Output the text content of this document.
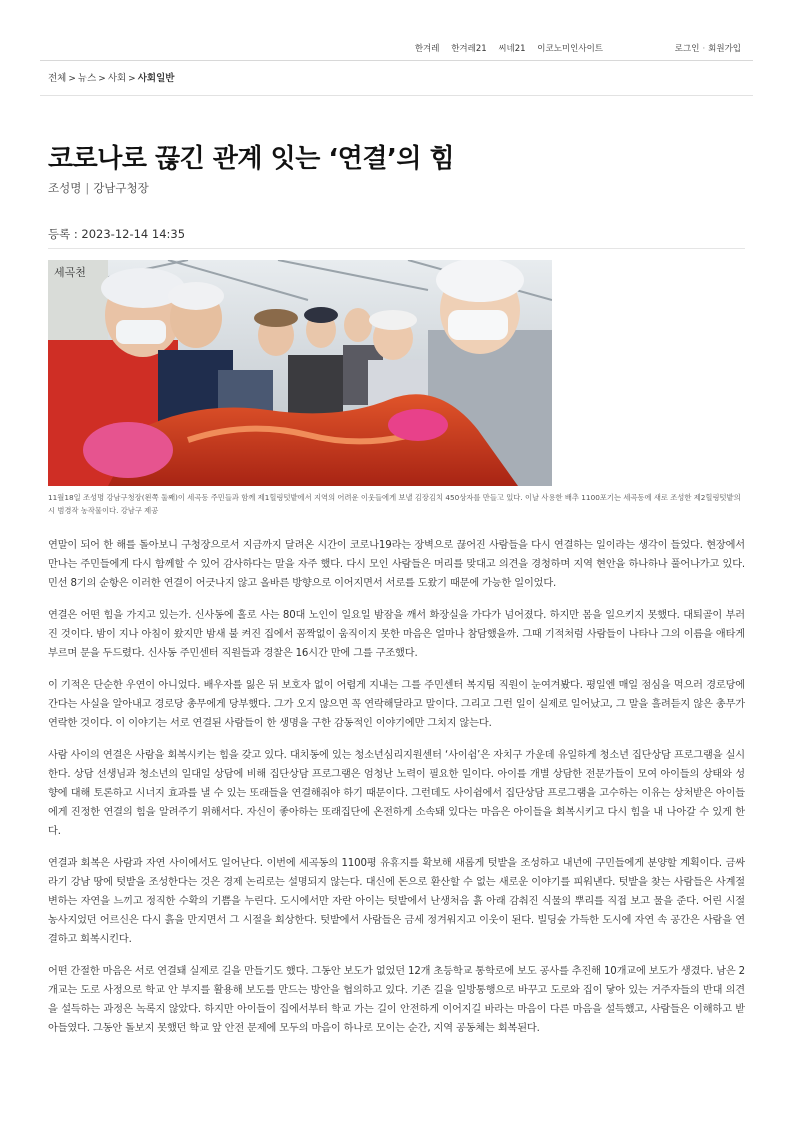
한겨레 한겨레21 씨네21 이코노미인사이트	로그인 · 회원가입
전체 > 뉴스 > 사회 > 사회일반
코로나로 끊긴 관계 잇는 ‘연결’의 힘
조성명 | 강남구청장
등록 : 2023-12-14 14:35
세곡천
11월18일 조성명 강남구청장(왼쪽 둘째)이 세곡동 주민들과 함께 제1힐링텃밭에서 지역의 어려운 이웃들에게 보낼 김장김치 450상자를 만들고 있다. 이날 사용한 배추 1100포기는 세곡동에 새로 조성한 제2힐링텃밭의 시 범경작 농작물이다. 강남구 제공

연말이 되어 한 해를 돌아보니 구청장으로서 지금까지 달려온 시간이 코로나19라는 장벽으로 끊어진 사람들을 다시 연결하는 일이라는 생각이 들었다. 현장에서 만나는 주민들에게 다시 함께할 수 있어 감사하다는 말을 자주 했다. 다시 모인 사람들은 머리를 맞대고 의견을 경청하며 지역 현안을 하나하나 풀어나가고 있다. 민선 8기의 순항은 이러한 연결이 어긋나지 않고 올바른 방향으로 이어지면서 서로를 도왔기 때문에 가능한 일이었다.

연결은 어떤 힘을 가지고 있는가. 신사동에 홀로 사는 80대 노인이 일요일 밤잠을 깨서 화장실을 가다가 넘어졌다. 하지만 몸을 일으키지 못했다. 대퇴골이 부러진 것이다. 밤이 지나 아침이 왔지만 밤새 불 켜진 집에서 꼼짝없이 움직이지 못한 마음은 얼마나 참담했을까. 그때 기적처럼 사람들이 나타나 그의 이름을 애타게 부르며 문을 두드렸다. 신사동 주민센터 직원들과 경찰은 16시간 만에 그를 구조했다.

이 기적은 단순한 우연이 아니었다. 배우자를 잃은 뒤 보호자 없이 어렵게 지내는 그를 주민센터 복지팀 직원이 눈여겨봤다. 평일엔 매일 점심을 먹으러 경로당에 간다는 사실을 알아내고 경로당 총무에게 당부했다. 그가 오지 않으면 꼭 연락해달라고 말이다. 그리고 그런 일이 실제로 일어났고, 그 말을 흘려듣지 않은 총무가 연락한 것이다. 이 이야기는 서로 연결된 사람들이 한 생명을 구한 감동적인 이야기에만 그치지 않는다.

사람 사이의 연결은 사람을 회복시키는 힘을 갖고 있다. 대치동에 있는 청소년심리지원센터 ‘사이쉼’은 자치구 가운데 유일하게 청소년 집단상담 프로그램을 실시한다. 상담 선생님과 청소년의 일대일 상담에 비해 집단상담 프로그램은 엄청난 노력이 필요한 일이다. 아이를 개별 상담한 전문가들이 모여 아이들의 상태와 성향에 대해 토론하고 시너지 효과를 낼 수 있는 또래들을 연결해줘야 하기 때문이다. 그런데도 사이쉼에서 집단상담 프로그램을 고수하는 이유는 상처받은 아이들에게 진정한 연결의 힘을 알려주기 위해서다. 자신이 좋아하는 또래집단에 온전하게 소속돼 있다는 마음은 아이들을 회복시키고 다시 힘을 내 나아갈 수 있게 한다.

연결과 회복은 사람과 자연 사이에서도 일어난다. 이번에 세곡동의 1100평 유휴지를 확보해 새롭게 텃밭을 조성하고 내년에 구민들에게 분양할 계획이다. 금싸라기 강남 땅에 텃밭을 조성한다는 것은 경제 논리로는 설명되지 않는다. 대신에 돈으로 환산할 수 없는 새로운 이야기를 피워낸다. 텃밭을 찾는 사람들은 사계절 변하는 자연을 느끼고 정직한 수확의 기쁨을 누린다. 도시에서만 자란 아이는 텃밭에서 난생처음 흙 아래 감춰진 식물의 뿌리를 직접 보고 물을 준다. 어린 시절 농사지었던 어르신은 다시 흙을 만지면서 그 시절을 회상한다. 텃밭에서 사람들은 금세 정겨워지고 이웃이 된다. 빌딩숲 가득한 도시에 자연 속 공간은 사람을 연결하고 회복시킨다.

어떤 간절한 마음은 서로 연결돼 실제로 길을 만들기도 했다. 그동안 보도가 없었던 12개 초등학교 통학로에 보도 공사를 추진해 10개교에 보도가 생겼다. 남은 2개교는 도로 사정으로 학교 안 부지를 활용해 보도를 만드는 방안을 협의하고 있다. 기존 길을 일방통행으로 바꾸고 도로와 집이 닿아 있는 거주자들의 반대 의견을 설득하는 과정은 녹록지 않았다. 하지만 아이들이 집에서부터 학교 가는 길이 안전하게 이어지길 바라는 마음이 다른 마음을 설득했고, 사람들은 이해하고 받아들였다. 그동안 돌보지 못했던 학교 앞 안전 문제에 모두의 마음이 하나로 모이는 순간, 지역 공동체는 회복된다.
